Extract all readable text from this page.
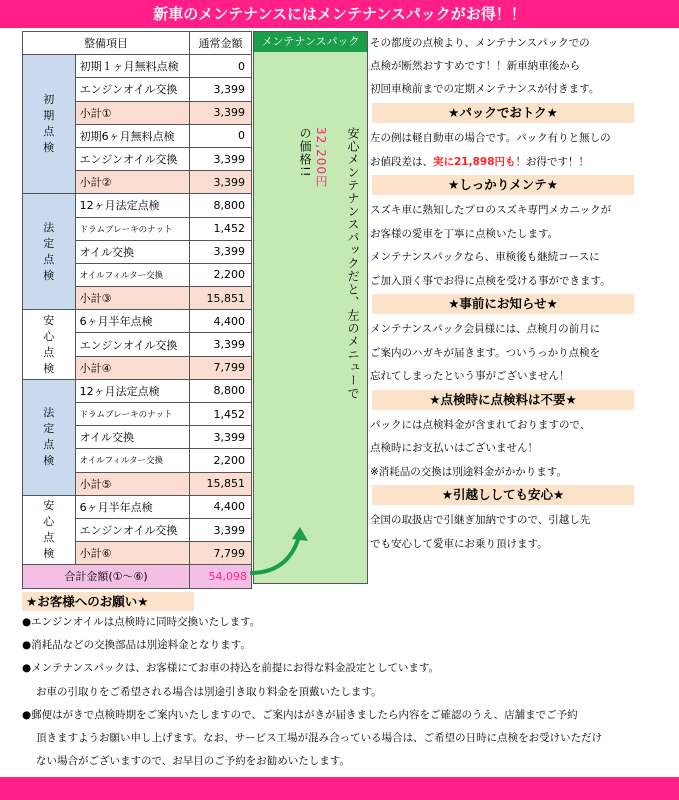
新車のメンテナンスにはメンテナンスパックがお得！！
整備項目		通常金額
初
期
点
検	初期１ヶ月無料点検	0
	エンジンオイル交換	3,399
	小計①	3,399
	初期6ヶ月無料点検	0
	エンジンオイル交換	3,399
	小計②	3,399
法
定
点
検	12ヶ月法定点検	8,800
	ドラムブレーキのナット	1,452
	オイル交換	3,399
	オイルフィルター交換	2,200
	小計③	15,851
安
心
点
検	6ヶ月半年点検	4,400
	エンジンオイル交換	3,399
	小計④	7,799
法
定
点
検	12ヶ月法定点検	8,800
	ドラムブレーキのナット	1,452
	オイル交換	3,399
	オイルフィルター交換	2,200
	小計⑤	15,851
安
心
点
検	6ヶ月半年点検	4,400
	エンジンオイル交換	3,399
	小計⑥	7,799
合計金額(①～⑥)		54,098
メンテナンスパック
安心メンテナンスパックだと、左のメニューで

32,200円
の価格!!
その都度の点検より、メンテナンスパックでの
点検が断然おすすめです！！新車納車後から
初回車検前までの定期メンテナンスが付きます。
★パックでおトク★
左の例は軽自動車の場合です。パック有りと無しの
お値段差は、実に21,898円も！お得です！！
★しっかりメンテ★
スズキ車に熟知したプロのスズキ専門メカニックが
お客様の愛車を丁寧に点検いたします。
メンテナンスパックなら、車検後も継続コースに
ご加入頂く事でお得に点検を受ける事ができます。
★事前にお知らせ★
メンテナンスパック会員様には、点検月の前月に
ご案内のハガキが届きます。ついうっかり点検を
忘れてしまったという事がございません！
★点検時に点検料は不要★
パックには点検料金が含まれておりますので、
点検時にお支払いはございません！
※消耗品の交換は別途料金がかかります。
★引越ししても安心★
全国の取扱店で引継ぎ加納ですので、引越し先
でも安心して愛車にお乗り頂けます。
★お客様へのお願い★
●エンジンオイルは点検時に同時交換いたします。
●消耗品などの交換部品は別途料金となります。
●メンテナンスパックは、お客様にてお車の持込を前提にお得な料金設定としています。
お車の引取りをご希望される場合は別途引き取り料金を頂戴いたします。
●郵便はがきで点検時期をご案内いたしますので、ご案内はがきが届きましたら内容をご確認のうえ、店舗までご予約
頂きますようお願い申し上げます。なお、サービス工場が混み合っている場合は、ご希望の日時に点検をお受けいただけ
ない場合がございますので、お早目のご予約をお勧めいたします。
